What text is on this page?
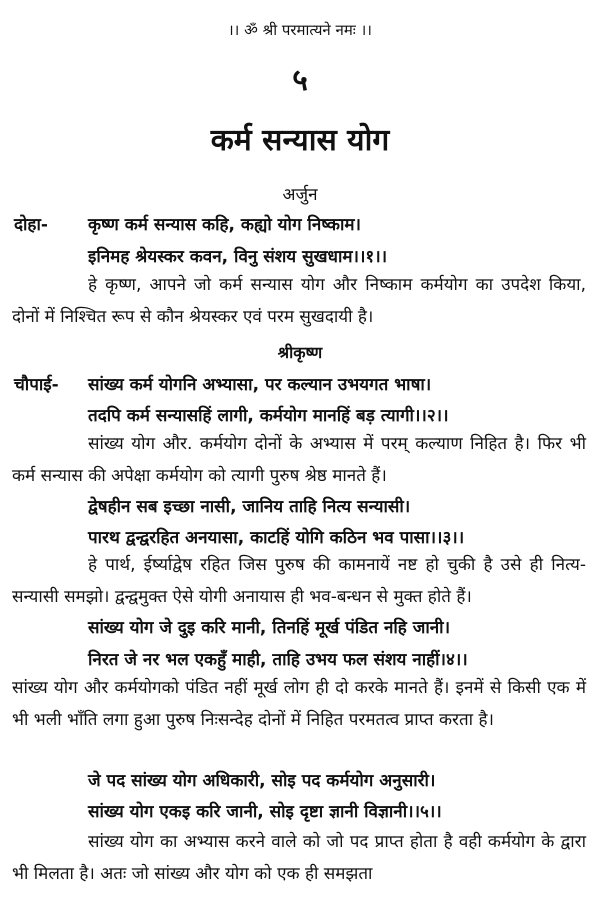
।। ॐ श्री परमात्यने नमः ।।
५
कर्म सन्यास योग
अर्जुन
दोहा- कृष्ण कर्म सन्यास कहि, कह्यो योग निष्काम।
इनिमह श्रेयस्कर कवन, विनु संशय सुखधाम।।१।।
हे कृष्ण, आपने जो कर्म सन्यास योग और निष्काम कर्मयोग का उपदेश किया, दोनों में निश्चित रूप से कौन श्रेयस्कर एवं परम सुखदायी है।
श्रीकृष्ण
चौपाई- सांख्य कर्म योगनि अभ्यासा, पर कल्यान उभयगत भाषा।
तदपि कर्म सन्यासहिं लागी, कर्मयोग मानहिं बड़ त्यागी।।२।।
सांख्य योग और. कर्मयोग दोनों के अभ्यास में परम् कल्याण निहित है। फिर भी कर्म सन्यास की अपेक्षा कर्मयोग को त्यागी पुरुष श्रेष्ठ मानते हैं।
द्वेषहीन सब इच्छा नासी, जानिय ताहि नित्य सन्यासी।
पारथ द्वन्द्वरहित अनयासा, काटहिं योगि कठिन भव पासा।।३।।
हे पार्थ, ईर्ष्याद्वेष रहित जिस पुरुष की कामनायें नष्ट हो चुकी है उसे ही नित्य-सन्यासी समझो। द्वन्द्वमुक्त ऐसे योगी अनायास ही भव-बन्धन से मुक्त होते हैं।
सांख्य योग जे दुइ करि मानी, तिनहिं मूर्ख पंडित नहि जानी।
निरत जे नर भल एकहुँ माही, ताहि उभय फल संशय नाहीं।४।।
सांख्य योग और कर्मयोगको पंडित नहीं मूर्ख लोग ही दो करके मानते हैं। इनमें से किसी एक में भी भली भाँति लगा हुआ पुरुष निःसन्देह दोनों में निहित परमतत्व प्राप्त करता है।
जे पद सांख्य योग अधिकारी, सोइ पद कर्मयोग अनुसारी।
सांख्य योग एकइ करि जानी, सोइ दृष्टा ज्ञानी विज्ञानी।।५।।
सांख्य योग का अभ्यास करने वाले को जो पद प्राप्त होता है वही कर्मयोग के द्वारा भी मिलता है। अतः जो सांख्य और योग को एक ही समझता
